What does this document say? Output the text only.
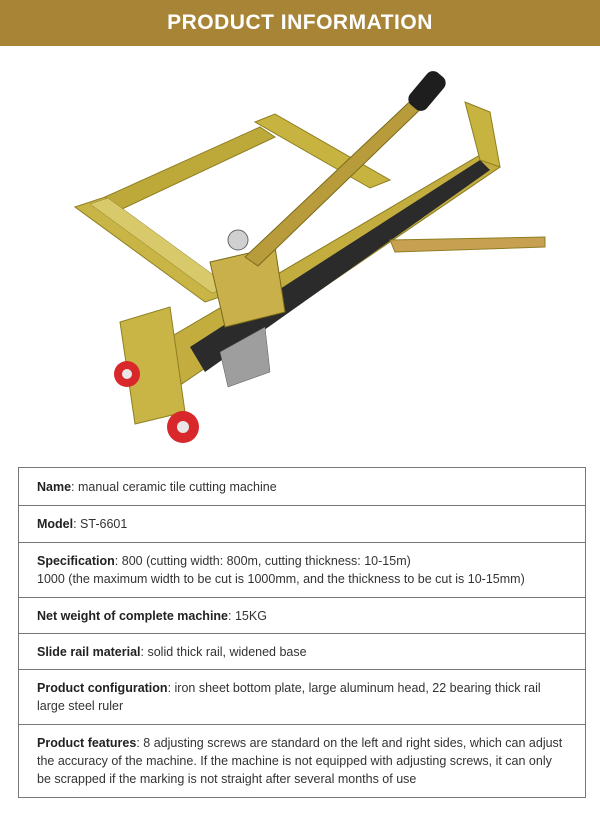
PRODUCT INFORMATION
Name: manual ceramic tile cutting machine
Model: ST-6601
Specification: 800 (cutting width: 800m, cutting thickness: 10-15m)
1000 (the maximum width to be cut is 1000mm, and the thickness to be cut is 10-15mm)
Net weight of complete machine: 15KG
Slide rail material: solid thick rail, widened base
Product configuration: iron sheet bottom plate, large aluminum head, 22 bearing thick rail large steel ruler
Product features: 8 adjusting screws are standard on the left and right sides, which can adjust the accuracy of the machine. If the machine is not equipped with adjusting screws, it can only be scrapped if the marking is not straight after several months of use
